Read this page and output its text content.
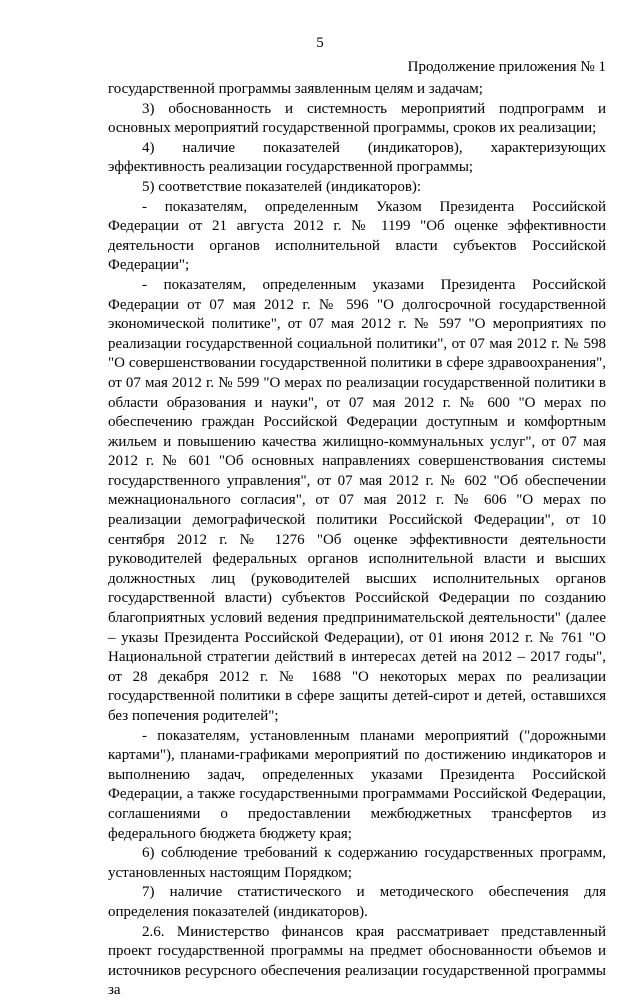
5
Продолжение приложения № 1

государственной программы заявленным целям и задачам;

3) обоснованность и системность мероприятий подпрограмм и основных мероприятий государственной программы, сроков их реализации;

4) наличие показателей (индикаторов), характеризующих эффективность реализации государственной программы;

5) соответствие показателей (индикаторов):

- показателям, определенным Указом Президента Российской Федерации от 21 августа 2012 г. № 1199 "Об оценке эффективности деятельности органов исполнительной власти субъектов Российской Федерации";

- показателям, определенным указами Президента Российской Федерации от 07 мая 2012 г. № 596 "О долгосрочной государственной экономической политике", от 07 мая 2012 г. № 597 "О мероприятиях по реализации государственной социальной политики", от 07 мая 2012 г. № 598 "О совершенствовании государственной политики в сфере здравоохранения", от 07 мая 2012 г. № 599 "О мерах по реализации государственной политики в области образования и науки", от 07 мая 2012 г. № 600 "О мерах по обеспечению граждан Российской Федерации доступным и комфортным жильем и повышению качества жилищно-коммунальных услуг", от 07 мая 2012 г. № 601 "Об основных направлениях совершенствования системы государственного управления", от 07 мая 2012 г. № 602 "Об обеспечении межнационального согласия", от 07 мая 2012 г. № 606 "О мерах по реализации демографической политики Российской Федерации", от 10 сентября 2012 г. № 1276 "Об оценке эффективности деятельности руководителей федеральных органов исполнительной власти и высших должностных лиц (руководителей высших исполнительных органов государственной власти) субъектов Российской Федерации по созданию благоприятных условий ведения предпринимательской деятельности" (далее – указы Президента Российской Федерации), от 01 июня 2012 г. № 761 "О Национальной стратегии действий в интересах детей на 2012 – 2017 годы", от 28 декабря 2012 г. № 1688 "О некоторых мерах по реализации государственной политики в сфере защиты детей-сирот и детей, оставшихся без попечения родителей";

- показателям, установленным планами мероприятий ("дорожными картами"), планами-графиками мероприятий по достижению индикаторов и выполнению задач, определенных указами Президента Российской Федерации, а также государственными программами Российской Федерации, соглашениями о предоставлении межбюджетных трансфертов из федерального бюджета бюджету края;

6) соблюдение требований к содержанию государственных программ, установленных настоящим Порядком;

7) наличие статистического и методического обеспечения для определения показателей (индикаторов).

2.6. Министерство финансов края рассматривает представленный проект государственной программы на предмет обоснованности объемов и источников ресурсного обеспечения реализации государственной программы за
